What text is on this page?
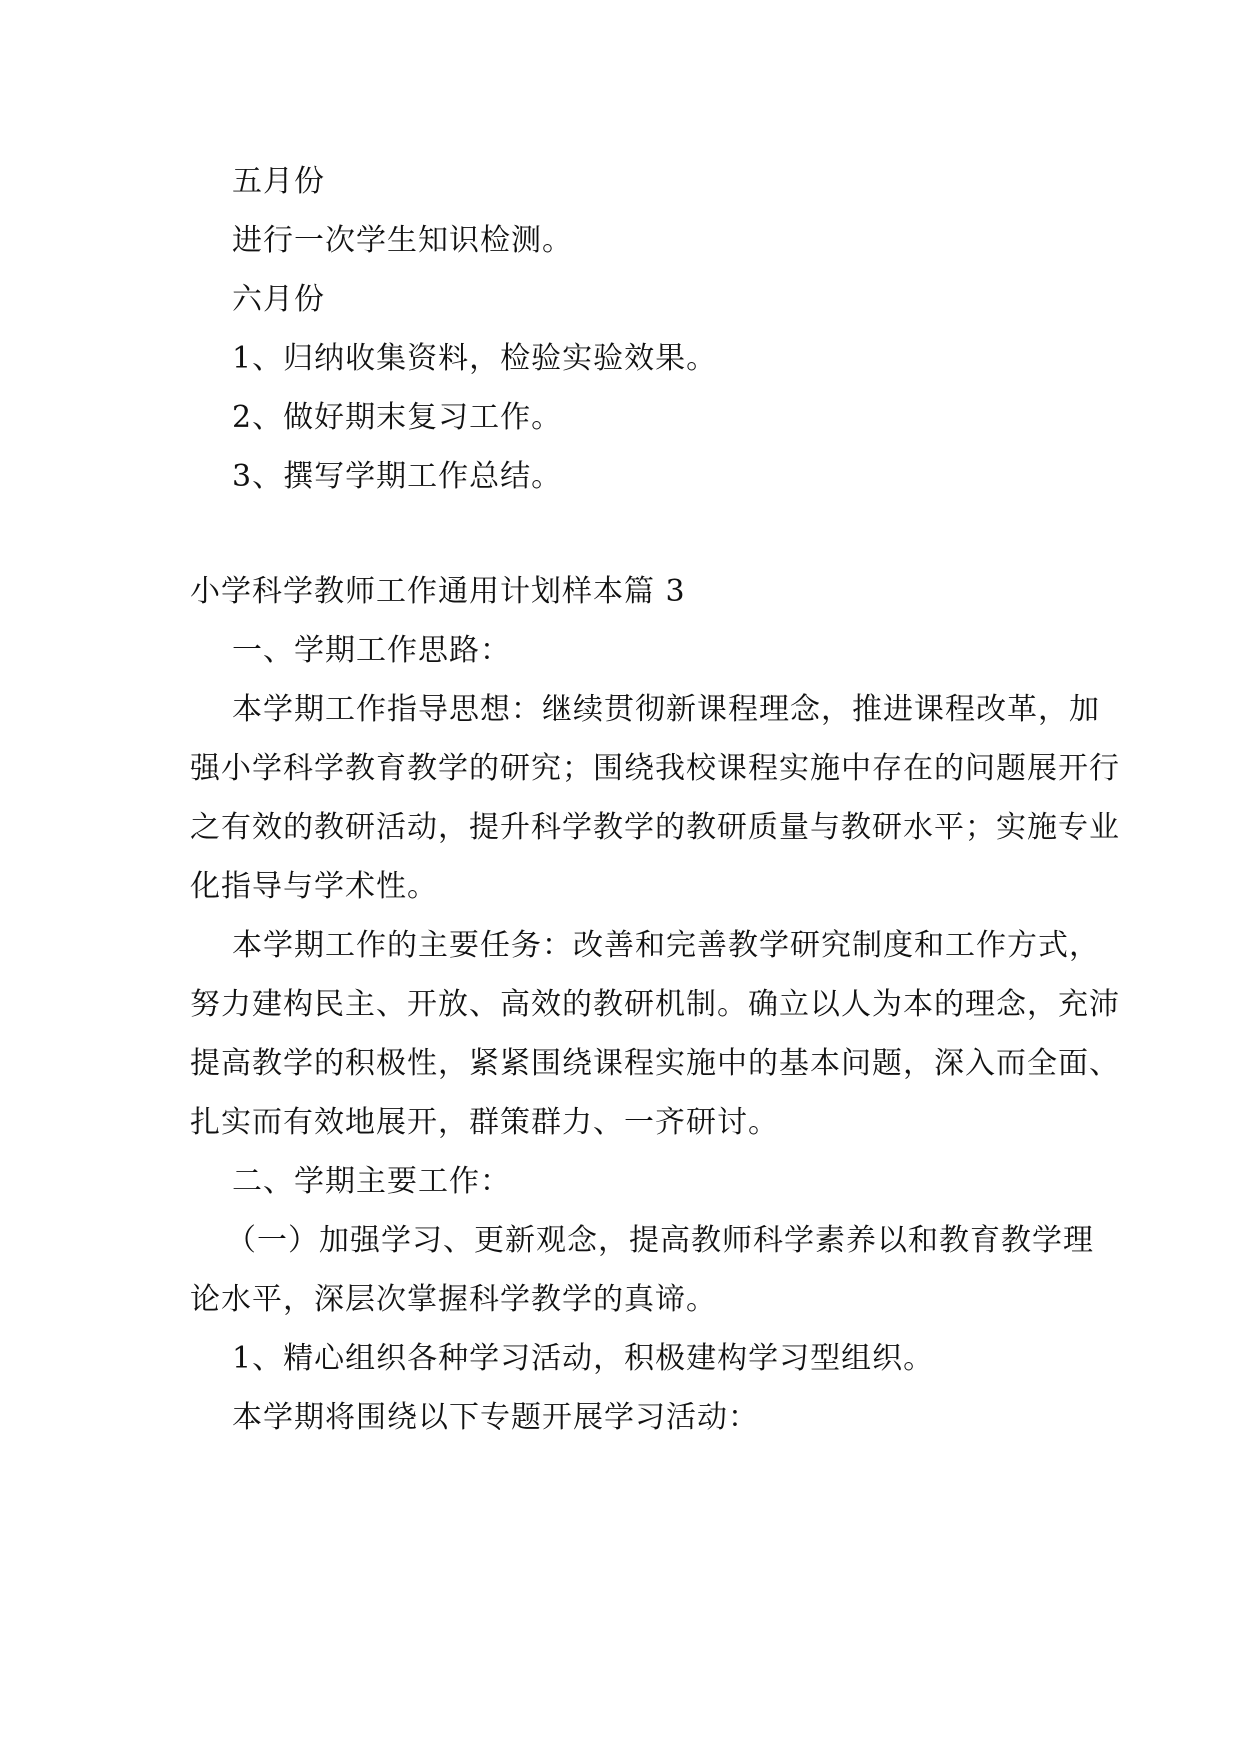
五月份

进行一次学生知识检测。

六月份

1、归纳收集资料，检验实验效果。

2、做好期末复习工作。

3、撰写学期工作总结。

小学科学教师工作通用计划样本篇 3

一、学期工作思路：

本学期工作指导思想：继续贯彻新课程理念，推进课程改革，加

强小学科学教育教学的研究；围绕我校课程实施中存在的问题展开行

之有效的教研活动，提升科学教学的教研质量与教研水平；实施专业

化指导与学术性。

本学期工作的主要任务：改善和完善教学研究制度和工作方式，

努力建构民主、开放、高效的教研机制。确立以人为本的理念，充沛

提高教学的积极性，紧紧围绕课程实施中的基本问题，深入而全面、

扎实而有效地展开，群策群力、一齐研讨。

二、学期主要工作：

（一）加强学习、更新观念，提高教师科学素养以和教育教学理

论水平，深层次掌握科学教学的真谛。

1、精心组织各种学习活动，积极建构学习型组织。

本学期将围绕以下专题开展学习活动：
